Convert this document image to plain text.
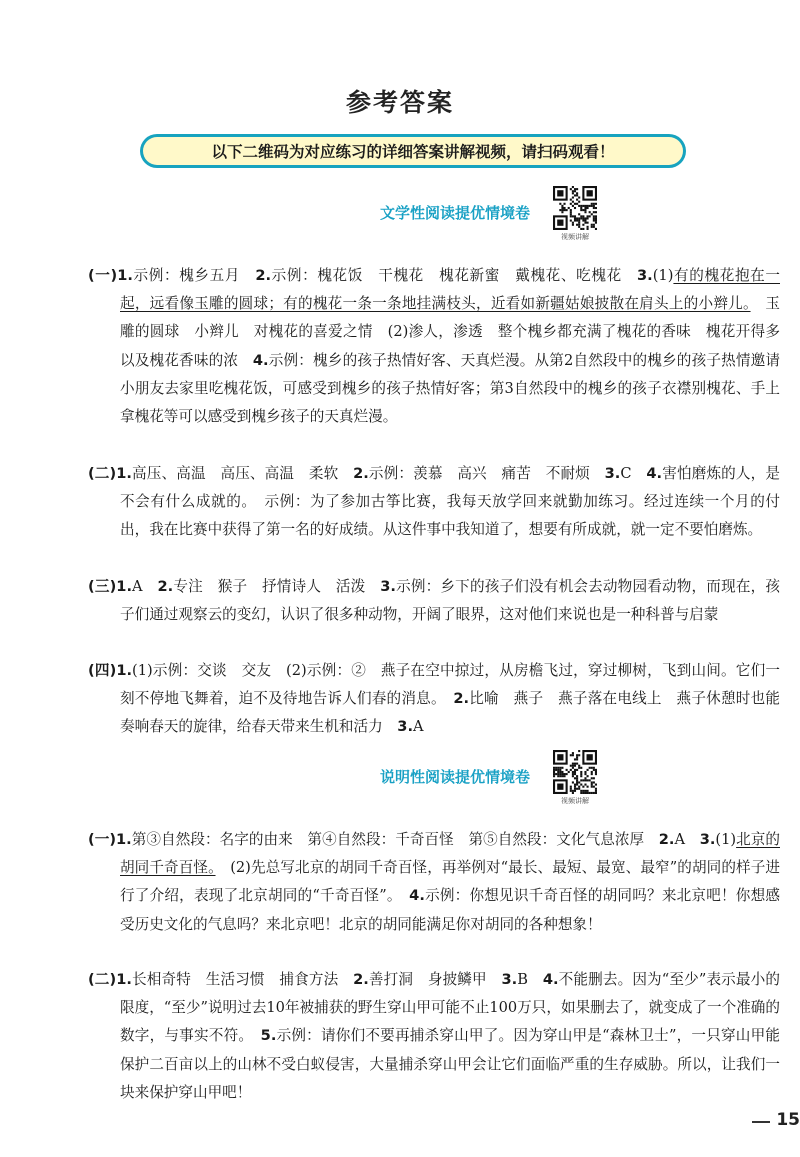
参考答案
以下二维码为对应练习的详细答案讲解视频，请扫码观看！
文学性阅读提优情境卷
视频讲解
(一)1.示例：槐乡五月　2.示例：槐花饭　干槐花　槐花新蜜　戴槐花、吃槐花　3.(1)有的槐花抱在一起，远看像玉雕的圆球；有的槐花一条一条地挂满枝头，近看如新疆姑娘披散在肩头上的小辫儿。　玉雕的圆球　小辫儿　对槐花的喜爱之情　(2)渗人，渗透　整个槐乡都充满了槐花的香味　槐花开得多以及槐花香味的浓　4.示例：槐乡的孩子热情好客、天真烂漫。从第2自然段中的槐乡的孩子热情邀请小朋友去家里吃槐花饭，可感受到槐乡的孩子热情好客；第3自然段中的槐乡的孩子衣襟别槐花、手上拿槐花等可以感受到槐乡孩子的天真烂漫。
(二)1.高压、高温　高压、高温　柔软　2.示例：羡慕　高兴　痛苦　不耐烦　3.C　4.害怕磨炼的人，是不会有什么成就的。　示例：为了参加古筝比赛，我每天放学回来就勤加练习。经过连续一个月的付出，我在比赛中获得了第一名的好成绩。从这件事中我知道了，想要有所成就，就一定不要怕磨炼。
(三)1.A　2.专注　猴子　抒情诗人　活泼　3.示例：乡下的孩子们没有机会去动物园看动物，而现在，孩子们通过观察云的变幻，认识了很多种动物，开阔了眼界，这对他们来说也是一种科普与启蒙
(四)1.(1)示例：交谈　交友　(2)示例：②　燕子在空中掠过，从房檐飞过，穿过柳树，飞到山间。它们一刻不停地飞舞着，迫不及待地告诉人们春的消息。　2.比喻　燕子　燕子落在电线上　燕子休憩时也能奏响春天的旋律，给春天带来生机和活力　3.A
说明性阅读提优情境卷
视频讲解
(一)1.第③自然段：名字的由来　第④自然段：千奇百怪　第⑤自然段：文化气息浓厚　2.A　3.(1)北京的胡同千奇百怪。　(2)先总写北京的胡同千奇百怪，再举例对“最长、最短、最宽、最窄”的胡同的样子进行了介绍，表现了北京胡同的“千奇百怪”。　4.示例：你想见识千奇百怪的胡同吗？来北京吧！你想感受历史文化的气息吗？来北京吧！北京的胡同能满足你对胡同的各种想象！
(二)1.长相奇特　生活习惯　捕食方法　2.善打洞　身披鳞甲　3.B　4.不能删去。因为“至少”表示最小的限度，“至少”说明过去10年被捕获的野生穿山甲可能不止100万只，如果删去了，就变成了一个准确的数字，与事实不符。　5.示例：请你们不要再捕杀穿山甲了。因为穿山甲是“森林卫士”，一只穿山甲能保护二百亩以上的山林不受白蚁侵害，大量捕杀穿山甲会让它们面临严重的生存威胁。所以，让我们一块来保护穿山甲吧！
15
